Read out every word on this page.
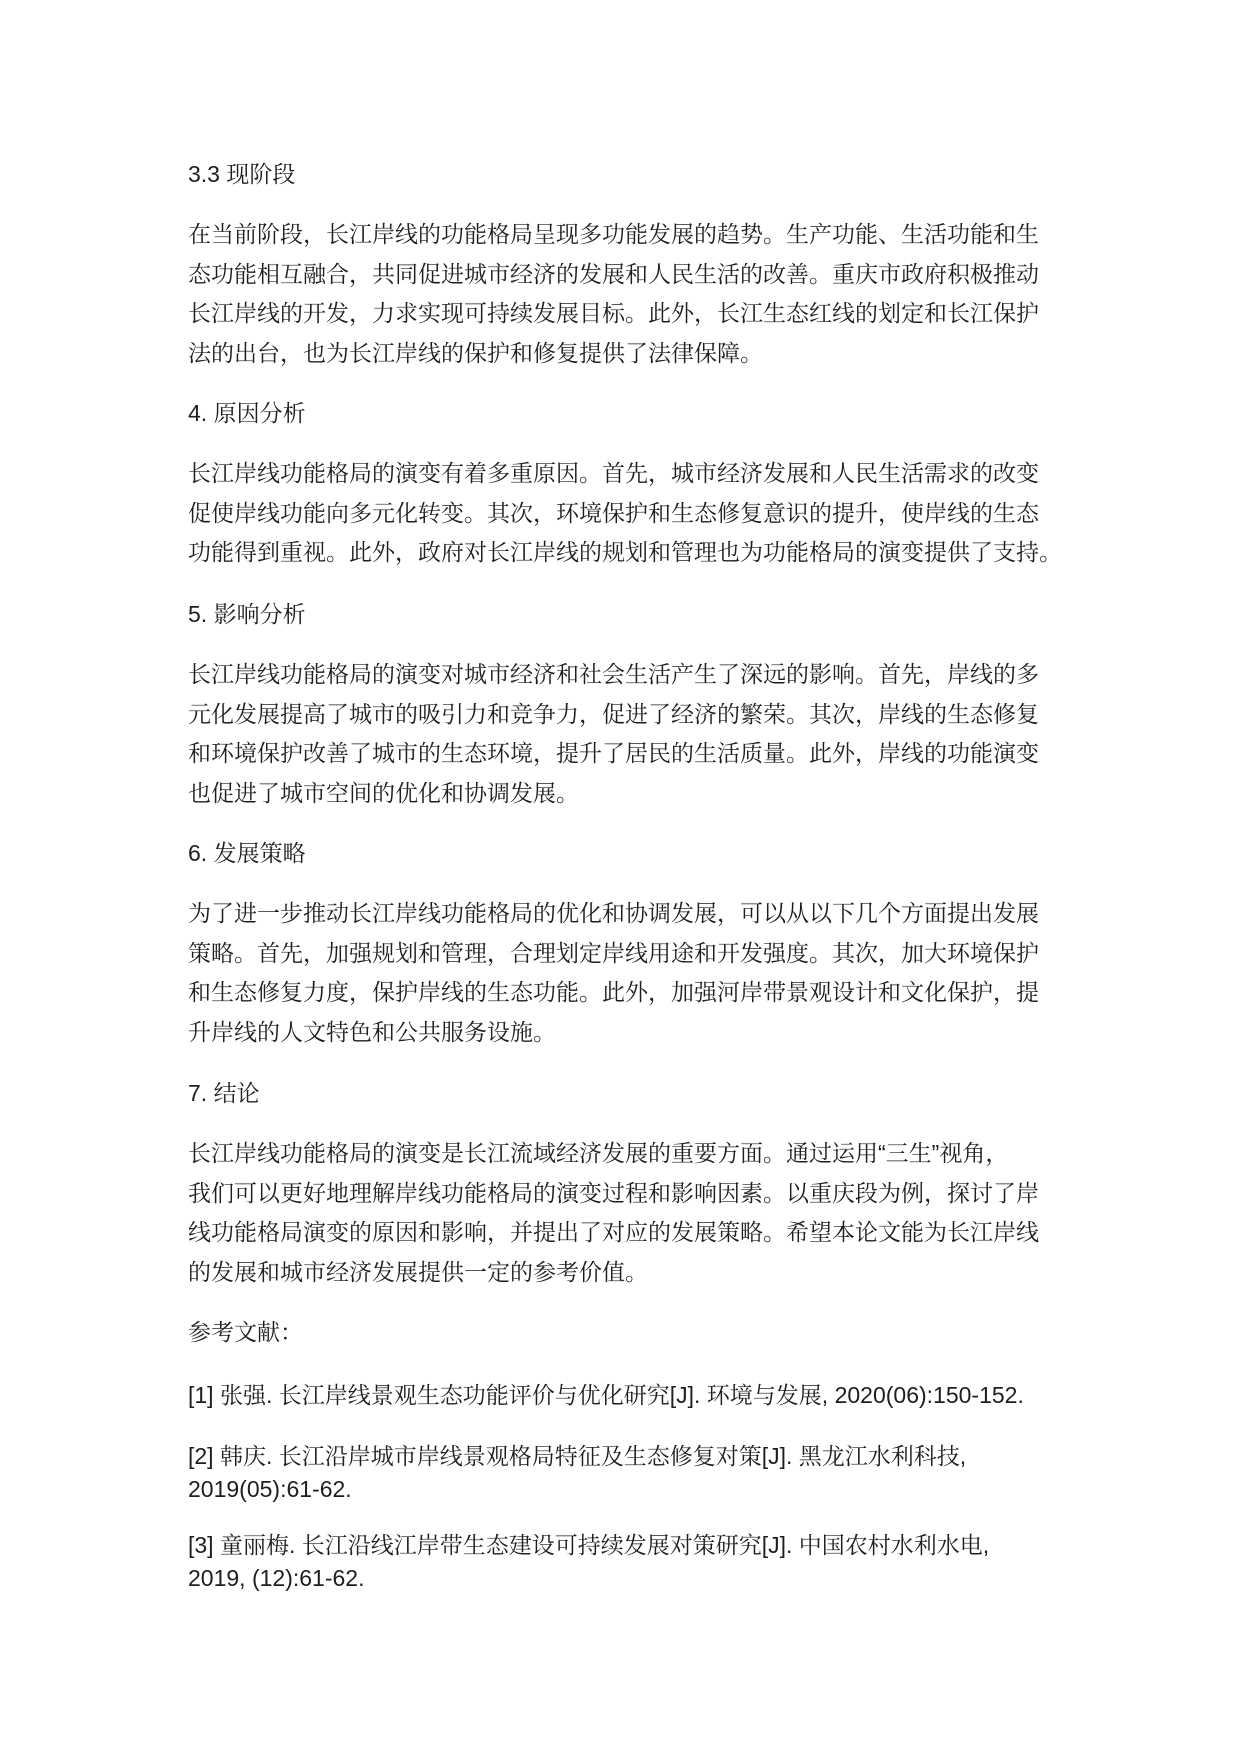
3.3 现阶段
在当前阶段，长江岸线的功能格局呈现多功能发展的趋势。生产功能、生活功能和生
态功能相互融合，共同促进城市经济的发展和人民生活的改善。重庆市政府积极推动
长江岸线的开发，力求实现可持续发展目标。此外，长江生态红线的划定和长江保护
法的出台，也为长江岸线的保护和修复提供了法律保障。
4. 原因分析
长江岸线功能格局的演变有着多重原因。首先，城市经济发展和人民生活需求的改变
促使岸线功能向多元化转变。其次，环境保护和生态修复意识的提升，使岸线的生态
功能得到重视。此外，政府对长江岸线的规划和管理也为功能格局的演变提供了支持。
5. 影响分析
长江岸线功能格局的演变对城市经济和社会生活产生了深远的影响。首先，岸线的多
元化发展提高了城市的吸引力和竞争力，促进了经济的繁荣。其次，岸线的生态修复
和环境保护改善了城市的生态环境，提升了居民的生活质量。此外，岸线的功能演变
也促进了城市空间的优化和协调发展。
6. 发展策略
为了进一步推动长江岸线功能格局的优化和协调发展，可以从以下几个方面提出发展
策略。首先，加强规划和管理，合理划定岸线用途和开发强度。其次，加大环境保护
和生态修复力度，保护岸线的生态功能。此外，加强河岸带景观设计和文化保护，提
升岸线的人文特色和公共服务设施。
7. 结论
长江岸线功能格局的演变是长江流域经济发展的重要方面。通过运用“三生”视角，
我们可以更好地理解岸线功能格局的演变过程和影响因素。以重庆段为例，探讨了岸
线功能格局演变的原因和影响，并提出了对应的发展策略。希望本论文能为长江岸线
的发展和城市经济发展提供一定的参考价值。
参考文献：
[1] 张强. 长江岸线景观生态功能评价与优化研究[J]. 环境与发展, 2020(06):150-152.
[2] 韩庆. 长江沿岸城市岸线景观格局特征及生态修复对策[J]. 黑龙江水利科技,
2019(05):61-62.
[3] 童丽梅. 长江沿线江岸带生态建设可持续发展对策研究[J]. 中国农村水利水电,
2019, (12):61-62.
